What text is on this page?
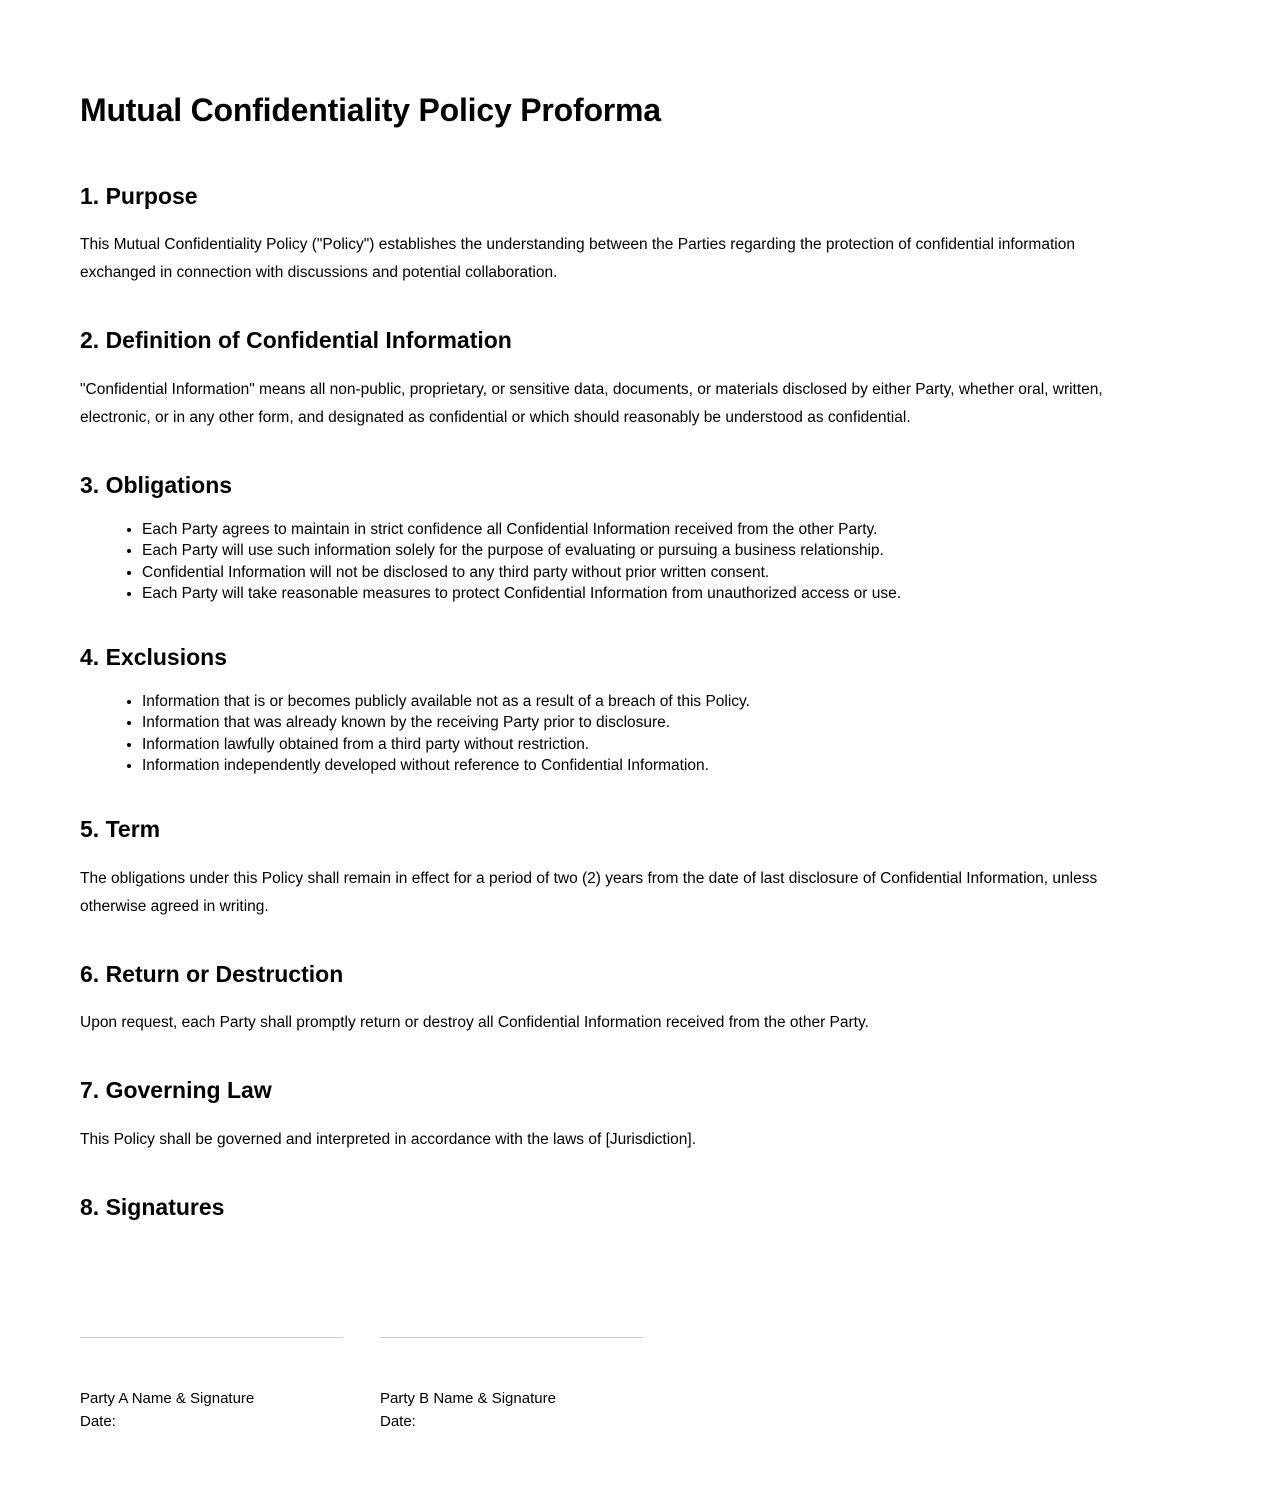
Mutual Confidentiality Policy Proforma
1. Purpose

This Mutual Confidentiality Policy ("Policy") establishes the understanding between the Parties regarding the protection of confidential information exchanged in connection with discussions and potential collaboration.

2. Definition of Confidential Information

"Confidential Information" means all non-public, proprietary, or sensitive data, documents, or materials disclosed by either Party, whether oral, written, electronic, or in any other form, and designated as confidential or which should reasonably be understood as confidential.

3. Obligations
• Each Party agrees to maintain in strict confidence all Confidential Information received from the other Party.
• Each Party will use such information solely for the purpose of evaluating or pursuing a business relationship.
• Confidential Information will not be disclosed to any third party without prior written consent.
• Each Party will take reasonable measures to protect Confidential Information from unauthorized access or use.
4. Exclusions
• Information that is or becomes publicly available not as a result of a breach of this Policy.
• Information that was already known by the receiving Party prior to disclosure.
• Information lawfully obtained from a third party without restriction.
• Information independently developed without reference to Confidential Information.
5. Term

The obligations under this Policy shall remain in effect for a period of two (2) years from the date of last disclosure of Confidential Information, unless otherwise agreed in writing.

6. Return or Destruction

Upon request, each Party shall promptly return or destroy all Confidential Information received from the other Party.

7. Governing Law

This Policy shall be governed and interpreted in accordance with the laws of [Jurisdiction].

8. Signatures
Party A Name & Signature
Date:
Party B Name & Signature
Date:
